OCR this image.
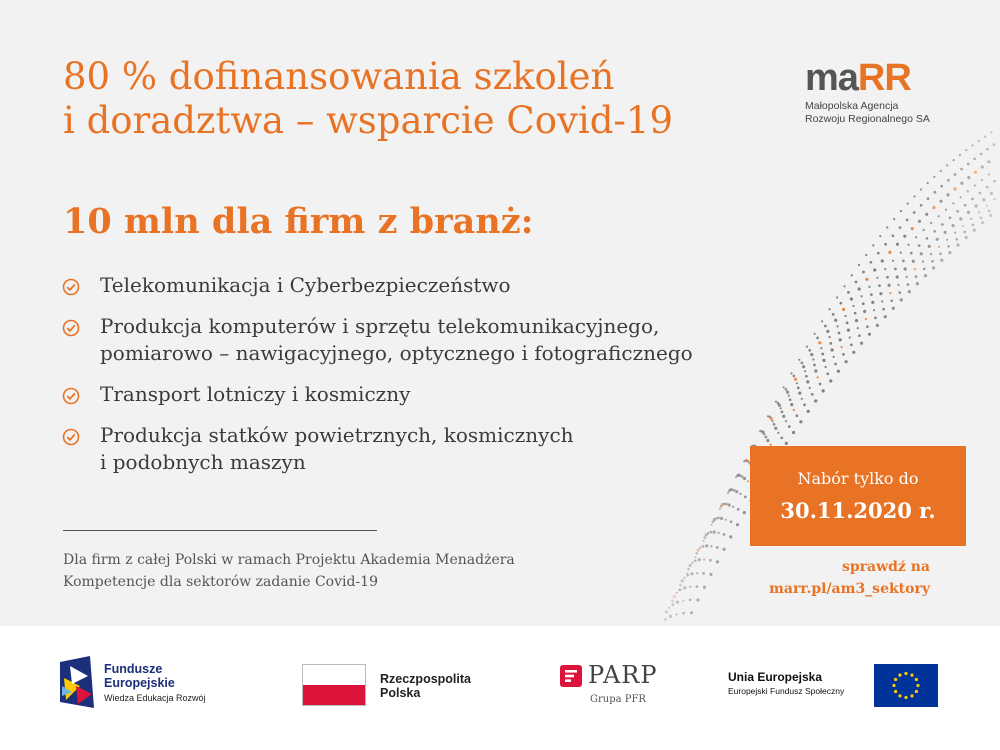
80 % dofinansowania szkoleń
i doradztwa – wsparcie Covid-19
10 mln dla firm z branż:
maRR
Małopolska Agencja
Rozwoju Regionalnego SA
Telekomunikacja i Cyberbezpieczeństwo
Produkcja komputerów i sprzętu telekomunikacyjnego,
pomiarowo – nawigacyjnego, optycznego i fotograficznego
Transport lotniczy i kosmiczny
Produkcja statków powietrznych, kosmicznych
i podobnych maszyn

Dla firm z całej Polski w ramach Projektu Akademia Menadżera
Kompetencje dla sektorów zadanie Covid-19

Nabór tylko do
30.11.2020 r.
sprawdź na
marr.pl/am3_sektory
Fundusze
Europejskie
Wiedza Edukacja Rozwój
Rzeczpospolita
Polska
PARP
Grupa PFR
Unia Europejska
Europejski Fundusz Społeczny
